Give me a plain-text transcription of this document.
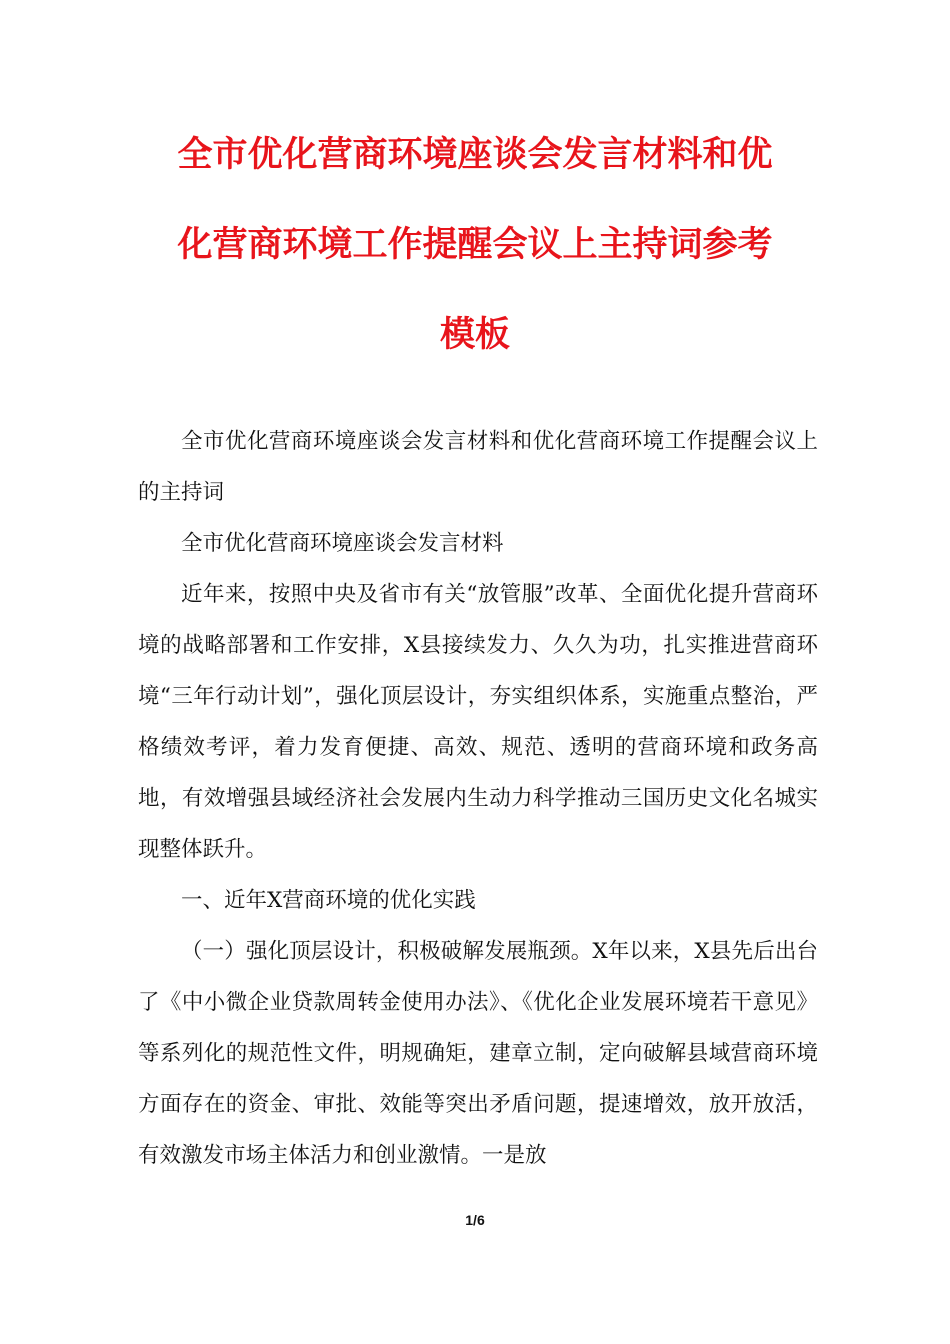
全市优化营商环境座谈会发言材料和优
化营商环境工作提醒会议上主持词参考
模板

全市优化营商环境座谈会发言材料和优化营商环境工作提醒会议上的主持词

全市优化营商环境座谈会发言材料

近年来，按照中央及省市有关“放管服”改革、全面优化提升营商环境的战略部署和工作安排，X县接续发力、久久为功，扎实推进营商环境“三年行动计划”，强化顶层设计，夯实组织体系，实施重点整治，严格绩效考评，着力发育便捷、高效、规范、透明的营商环境和政务高地，有效增强县域经济社会发展内生动力科学推动三国历史文化名城实现整体跃升。

一、近年X营商环境的优化实践

（一）强化顶层设计，积极破解发展瓶颈。X年以来，X县先后出台了《中小微企业贷款周转金使用办法》、《优化企业发展环境若干意见》等系列化的规范性文件，明规确矩，建章立制，定向破解县域营商环境方面存在的资金、审批、效能等突出矛盾问题，提速增效，放开放活，有效激发市场主体活力和创业激情。一是放

1/6
